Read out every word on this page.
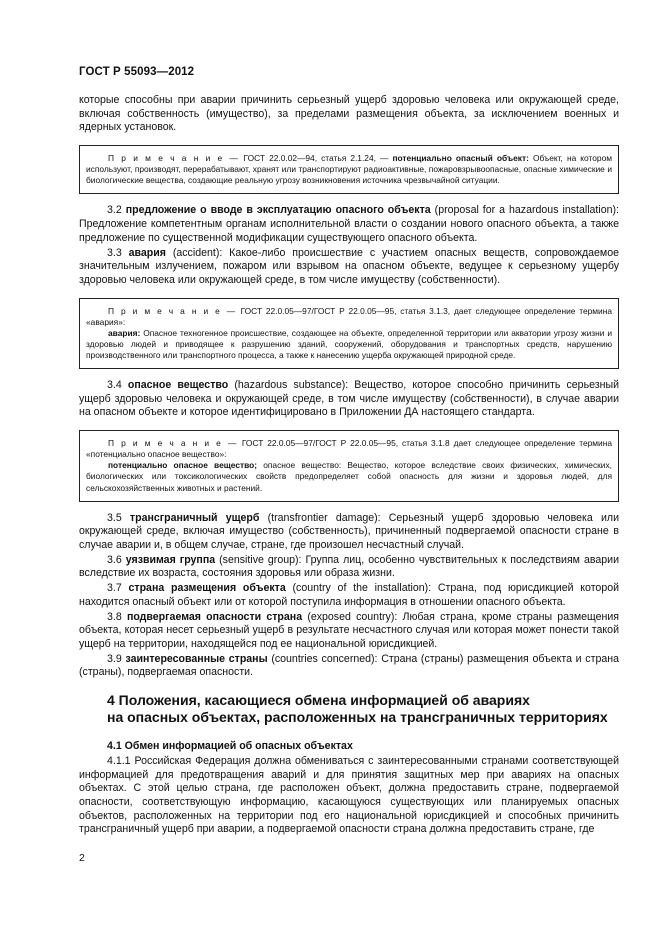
ГОСТ Р 55093—2012

которые способны при аварии причинить серьезный ущерб здоровью человека или окружающей среде, включая собственность (имущество), за пределами размещения объекта, за исключением военных и ядерных установок.

П р и м е ч а н и е — ГОСТ 22.0.02—94, статья 2.1.24, — потенциально опасный объект: Объект, на котором используют, производят, перерабатывают, хранят или транспортируют радиоактивные, пожаровзрывоопасные, опасные химические и биологические вещества, создающие реальную угрозу возникновения источника чрезвычайной ситуации.

3.2 предложение о вводе в эксплуатацию опасного объекта (proposal for a hazardous installation): Предложение компетентным органам исполнительной власти о создании нового опасного объекта, а также предложение по существенной модификации существующего опасного объекта.

3.3 авария (accident): Какое-либо происшествие с участием опасных веществ, сопровождаемое значительным излучением, пожаром или взрывом на опасном объекте, ведущее к серьезному ущербу здоровью человека или окружающей среде, в том числе имуществу (собственности).

П р и м е ч а н и е — ГОСТ 22.0.05—97/ГОСТ Р 22.0.05—95, статья 3.1.3, дает следующее определение термина «авария»:

авария: Опасное техногенное происшествие, создающее на объекте, определенной территории или акватории угрозу жизни и здоровью людей и приводящее к разрушению зданий, сооружений, оборудования и транспортных средств, нарушению производственного или транспортного процесса, а также к нанесению ущерба окружающей природной среде.

3.4 опасное вещество (hazardous substance): Вещество, которое способно причинить серьезный ущерб здоровью человека и окружающей среде, в том числе имуществу (собственности), в случае аварии на опасном объекте и которое идентифицировано в Приложении ДА настоящего стандарта.

П р и м е ч а н и е — ГОСТ 22.0.05—97/ГОСТ Р 22.0.05—95, статья 3.1.8 дает следующее определение термина «потенциально опасное вещество»:

потенциально опасное вещество; опасное вещество: Вещество, которое вследствие своих физических, химических, биологических или токсикологических свойств предопределяет собой опасность для жизни и здоровья людей, для сельскохозяйственных животных и растений.

3.5 трансграничный ущерб (transfrontier damage): Серьезный ущерб здоровью человека или окружающей среде, включая имущество (собственность), причиненный подвергаемой опасности стране в случае аварии и, в общем случае, стране, где произошел несчастный случай.

3.6 уязвимая группа (sensitive group): Группа лиц, особенно чувствительных к последствиям аварии вследствие их возраста, состояния здоровья или образа жизни.

3.7 страна размещения объекта (country of the installation): Страна, под юрисдикцией которой находится опасный объект или от которой поступила информация в отношении опасного объекта.

3.8 подвергаемая опасности страна (exposed country): Любая страна, кроме страны размещения объекта, которая несет серьезный ущерб в результате несчастного случая или которая может понести такой ущерб на территории, находящейся под ее национальной юрисдикцией.

3.9 заинтересованные страны (countries concerned): Страна (страны) размещения объекта и страна (страны), подвергаемая опасности.

4 Положения, касающиеся обмена информацией об авариях
на опасных объектах, расположенных на трансграничных территориях
4.1 Обмен информацией об опасных объектах

4.1.1 Российская Федерация должна обмениваться с заинтересованными странами соответствующей информацией для предотвращения аварий и для принятия защитных мер при авариях на опасных объектах. С этой целью страна, где расположен объект, должна предоставить стране, подвергаемой опасности, соответствующую информацию, касающуюся существующих или планируемых опасных объектов, расположенных на территории под его национальной юрисдикцией и способных причинить трансграничный ущерб при аварии, а подвергаемой опасности страна должна предоставить стране, где

2
